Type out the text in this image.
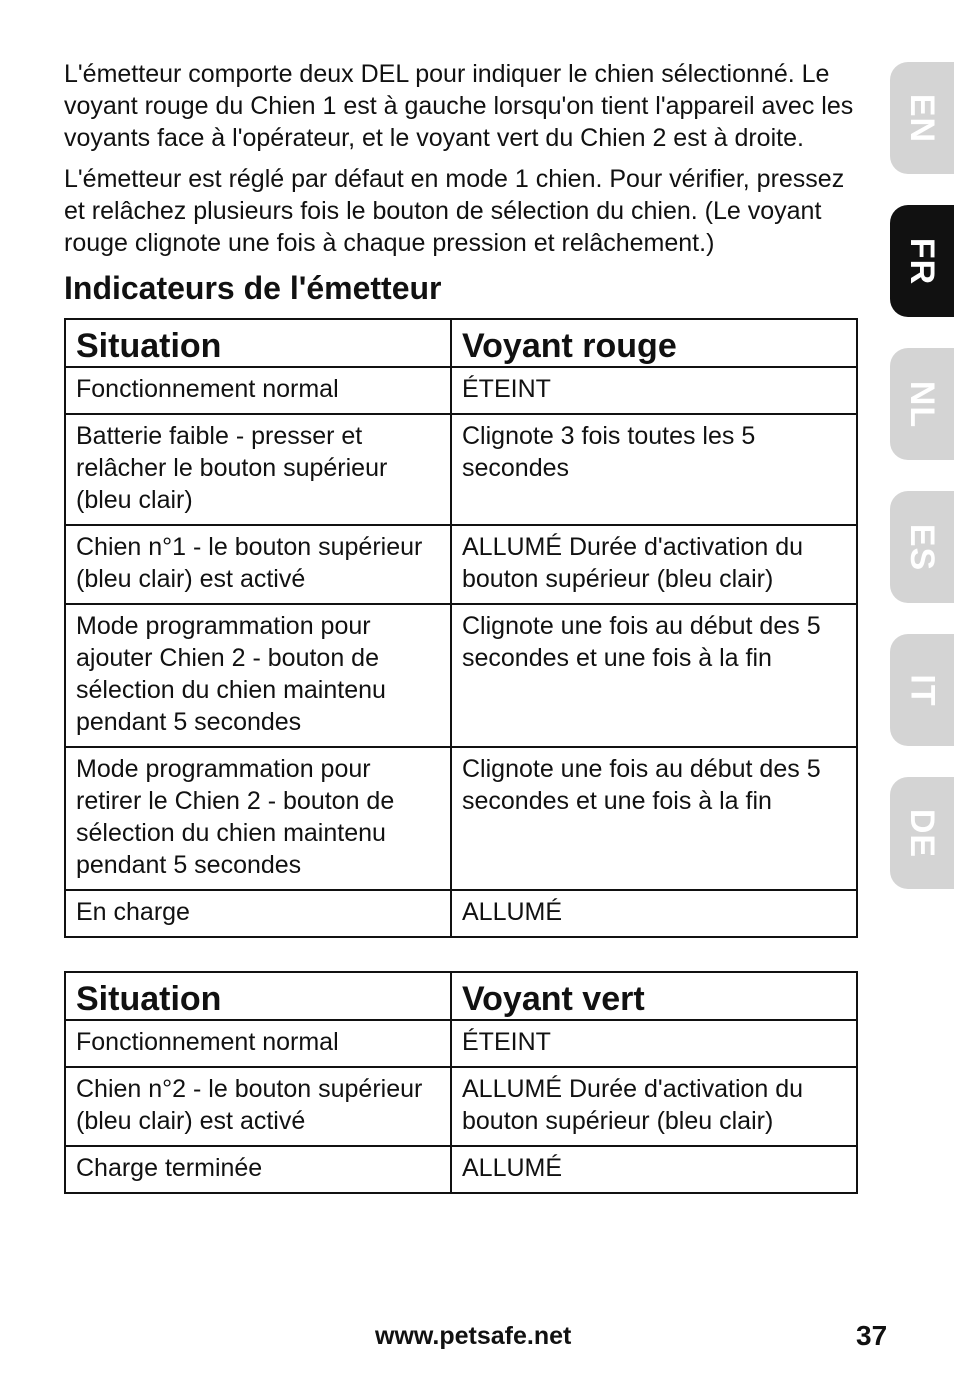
L'émetteur comporte deux DEL pour indiquer le chien sélectionné. Le voyant rouge du Chien 1 est à gauche lorsqu'on tient l'appareil avec les voyants face à l'opérateur, et le voyant vert du Chien 2 est à droite.

L'émetteur est réglé par défaut en mode 1 chien. Pour vérifier, pressez et relâchez plusieurs fois le bouton de sélection du chien. (Le voyant rouge clignote une fois à chaque pression et relâchement.)

Indicateurs de l'émetteur
Situation	Voyant rouge
Fonctionnement normal	ÉTEINT
Batterie faible - presser et relâcher le bouton supérieur (bleu clair)	Clignote 3 fois toutes les 5 secondes
Chien n°1 - le bouton supérieur (bleu clair) est activé	ALLUMÉ Durée d'activation du bouton supérieur (bleu clair)
Mode programmation pour ajouter Chien 2 - bouton de sélection du chien maintenu pendant 5 secondes	Clignote une fois au début des 5 secondes et une fois à la fin
Mode programmation pour retirer le Chien 2 - bouton de sélection du chien maintenu pendant 5 secondes	Clignote une fois au début des 5 secondes et une fois à la fin
En charge	ALLUMÉ
Situation	Voyant vert
Fonctionnement normal	ÉTEINT
Chien n°2 - le bouton supérieur (bleu clair) est activé	ALLUMÉ Durée d'activation du bouton supérieur (bleu clair)
Charge terminée	ALLUMÉ
EN
FR
NL
ES
IT
DE
www.petsafe.net	37
